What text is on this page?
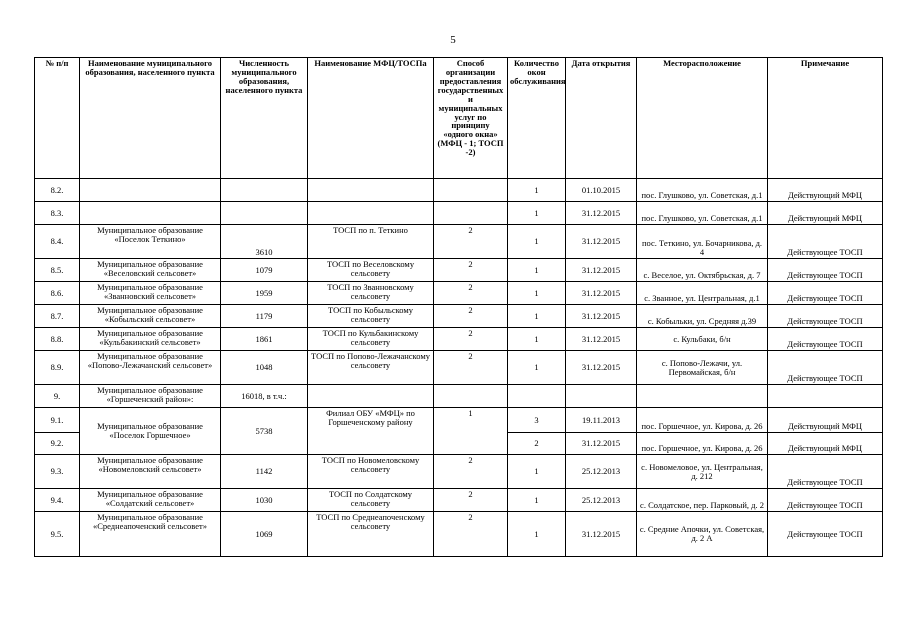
5
№ п/п	Наименование муниципального образования, населенного пункта	Численность муниципального образования, населенного пункта	Наименование МФЦ/ТОСПа	Способ организации предоставления государственных и муниципальных услуг по принципу «одного окна» (МФЦ - 1; ТОСП -2)	Количество окон обслуживания	Дата открытия	Месторасположение	Примечание
8.2.					1	01.10.2015	пос. Глушково, ул. Советская, д.1	Действующий МФЦ
8.3.					1	31.12.2015	пос. Глушково, ул. Советская, д.1	Действующий МФЦ
8.4.	Муниципальное образование «Поселок Теткино»	3610	ТОСП по п. Теткино	2	1	31.12.2015	пос. Теткино, ул. Бочарникова, д. 4	Действующее ТОСП
8.5.	Муниципальное образование «Веселовский сельсовет»	1079	ТОСП по Веселовскому сельсовету	2	1	31.12.2015	с. Веселое, ул. Октябрьская, д. 7	Действующее ТОСП
8.6.	Муниципальное образование «Званновский сельсовет»	1959	ТОСП по Званновскому сельсовету	2	1	31.12.2015	с. Званное, ул. Центральная, д.1	Действующее ТОСП
8.7.	Муниципальное образование «Кобыльский сельсовет»	1179	ТОСП по Кобыльскому сельсовету	2	1	31.12.2015	с. Кобыльки, ул. Средняя д.39	Действующее ТОСП
8.8.	Муниципальное образование «Кульбакинский сельсовет»	1861	ТОСП по Кульбакинскому сельсовету	2	1	31.12.2015	с. Кульбаки, б/н	Действующее ТОСП
8.9.	Муниципальное образование «Попово-Лежачанский сельсовет»	1048	ТОСП по Попово-Лежачанскому сельсовету	2	1	31.12.2015	с. Попово-Лежачи, ул. Первомайская, б/н	Действующее ТОСП
9.	Муниципальное образование «Горшеченский район»:	16018, в т.ч.:						
9.1.	Муниципальное образование «Поселок Горшечное»	5738	Филиал ОБУ «МФЦ» по Горшеченскому району	1	3	19.11.2013	пос. Горшечное, ул. Кирова, д. 26	Действующий МФЦ
9.2.					2	31.12.2015	пос. Горшечное, ул. Кирова, д. 26	Действующий МФЦ
9.3.	Муниципальное образование «Новомеловский сельсовет»	1142	ТОСП по Новомеловскому сельсовету	2	1	25.12.2013	с. Новомеловое, ул. Центральная, д. 212	Действующее ТОСП
9.4.	Муниципальное образование «Солдатский сельсовет»	1030	ТОСП по Солдатскому сельсовету	2	1	25.12.2013	с. Солдатское, пер. Парковый, д. 2	Действующее ТОСП
9.5.	Муниципальное образование «Среднеапоченский сельсовет»	1069	ТОСП по Среднеапоченскому сельсовету	2	1	31.12.2015	с. Средние Апочки, ул. Советская, д. 2 А	Действующее ТОСП
